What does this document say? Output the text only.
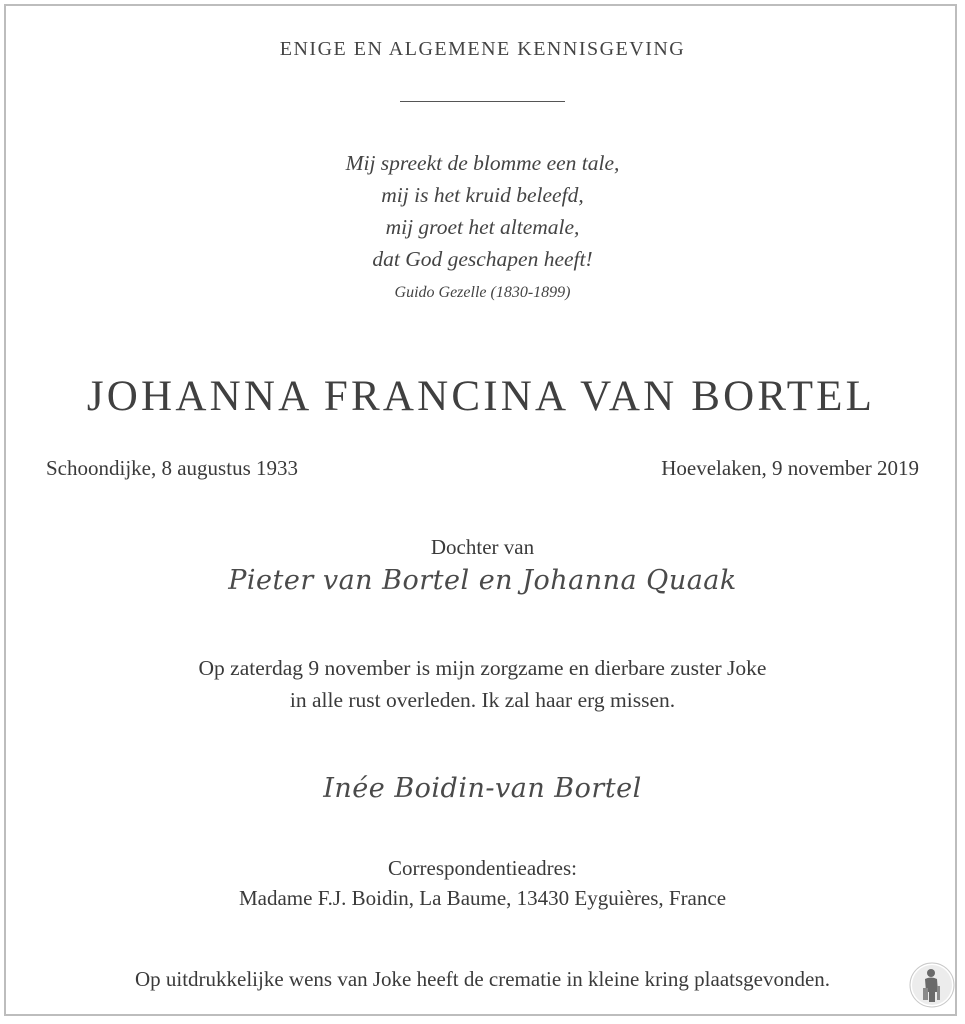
ENIGE EN ALGEMENE KENNISGEVING
Mij spreekt de blomme een tale,
mij is het kruid beleefd,
mij groet het altemale,
dat God geschapen heeft!
Guido Gezelle (1830-1899)
JOHANNA FRANCINA VAN BORTEL
Schoondijke, 8 augustus 1933	Hoevelaken, 9 november 2019
Dochter van
Pieter van Bortel en Johanna Quaak
Op zaterdag 9 november is mijn zorgzame en dierbare zuster Joke
in alle rust overleden. Ik zal haar erg missen.
Inée Boidin-van Bortel
Correspondentieadres:
Madame F.J. Boidin, La Baume, 13430 Eyguières, France
Op uitdrukkelijke wens van Joke heeft de crematie in kleine kring plaatsgevonden.
